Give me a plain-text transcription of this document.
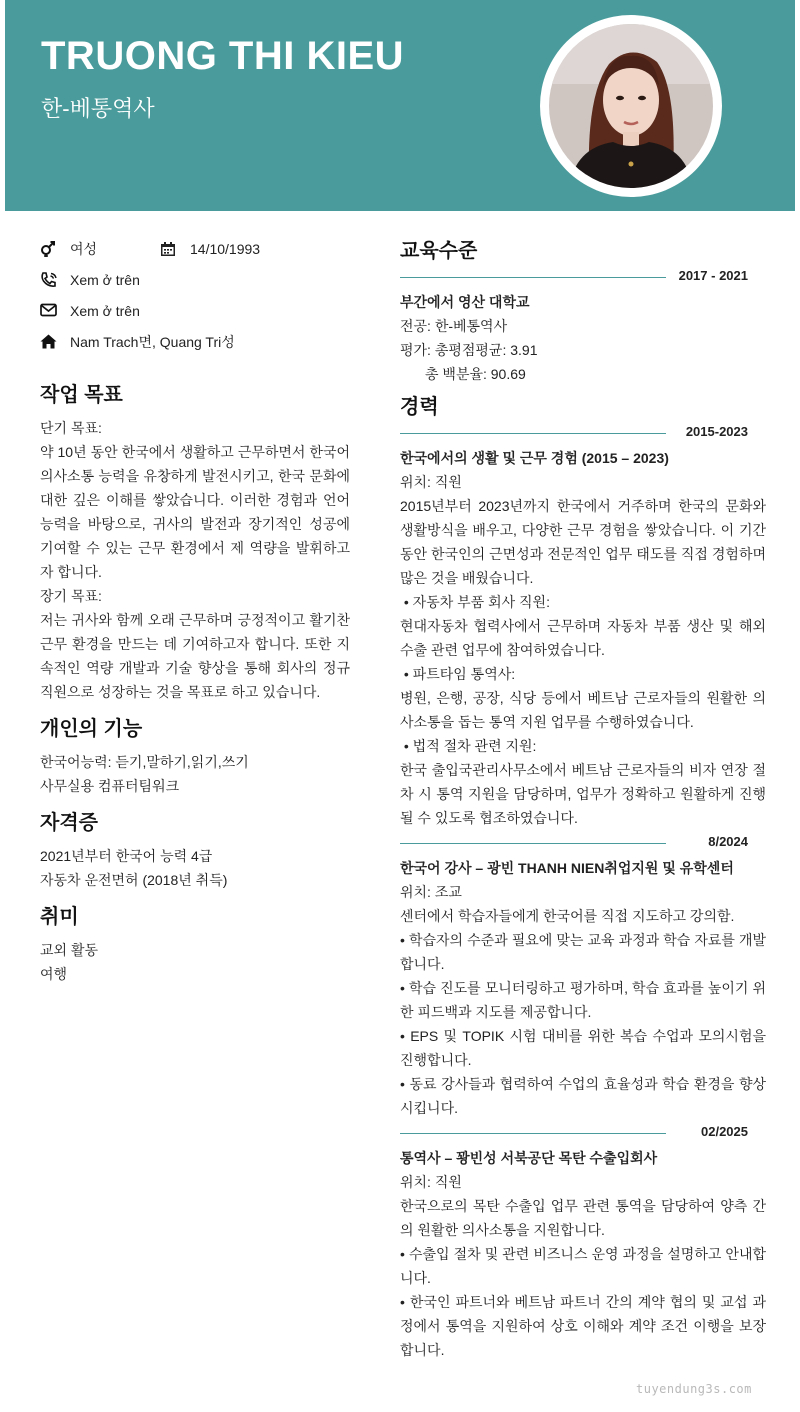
TRUONG THI KIEU
한-베통역사
여성	14/10/1993
Xem ở trên
Xem ở trên
Nam Trach면, Quang Tri성
작업 목표

단기 목표:

약 10년 동안 한국에서 생활하고 근무하면서 한국어 의사소통 능력을 유창하게 발전시키고, 한국 문화에 대한 깊은 이해를 쌓았습니다. 이러한 경험과 언어 능력을 바탕으로, 귀사의 발전과 장기적인 성공에 기여할 수 있는 근무 환경에서 제 역량을 발휘하고자 합니다.

장기 목표:

저는 귀사와 함께 오래 근무하며 긍정적이고 활기찬 근무 환경을 만드는 데 기여하고자 합니다. 또한 지속적인 역량 개발과 기술 향상을 통해 회사의 정규 직원으로 성장하는 것을 목표로 하고 있습니다.

개인의 기능

한국어능력: 듣기,말하기,읽기,쓰기

사무실용 컴퓨터팀워크

자격증

2021년부터 한국어 능력 4급

자동차 운전면허 (2018년 취득)

취미

교외 활동

여행

교육수준
2017 - 2021

부간에서 영산 대학교

전공: 한-베통역사

평가: 총평점평균: 3.91

총 백분율: 90.69

경력
2015-2023

한국에서의 생활 및 근무 경험 (2015 – 2023)

위치: 직원

2015년부터 2023년까지 한국에서 거주하며 한국의 문화와 생활방식을 배우고, 다양한 근무 경험을 쌓았습니다. 이 기간 동안 한국인의 근면성과 전문적인 업무 태도를 직접 경험하며 많은 것을 배웠습니다.

• 자동차 부품 회사 직원:

현대자동차 협력사에서 근무하며 자동차 부품 생산 및 해외 수출 관련 업무에 참여하였습니다.

• 파트타임 통역사:

병원, 은행, 공장, 식당 등에서 베트남 근로자들의 원활한 의사소통을 돕는 통역 지원 업무를 수행하였습니다.

• 법적 절차 관련 지원:

한국 출입국관리사무소에서 베트남 근로자들의 비자 연장 절차 시 통역 지원을 담당하며, 업무가 정확하고 원활하게 진행될 수 있도록 협조하였습니다.

8/2024

한국어 강사 – 광빈 THANH NIEN취업지원 및 유학센터

위치: 조교

센터에서 학습자들에게 한국어를 직접 지도하고 강의함.

• 학습자의 수준과 필요에 맞는 교육 과정과 학습 자료를 개발합니다.

• 학습 진도를 모니터링하고 평가하며, 학습 효과를 높이기 위한 피드백과 지도를 제공합니다.

• EPS 및 TOPIK 시험 대비를 위한 복습 수업과 모의시험을 진행합니다.

• 동료 강사들과 협력하여 수업의 효율성과 학습 환경을 향상시킵니다.

02/2025

통역사 – 꽝빈성 서북공단 목탄 수출입회사

위치: 직원

한국으로의 목탄 수출입 업무 관련 통역을 담당하여 양측 간의 원활한 의사소통을 지원합니다.

• 수출입 절차 및 관련 비즈니스 운영 과정을 설명하고 안내합니다.

• 한국인 파트너와 베트남 파트너 간의 계약 협의 및 교섭 과정에서 통역을 지원하여 상호 이해와 계약 조건 이행을 보장합니다.

tuyendung3s.com
